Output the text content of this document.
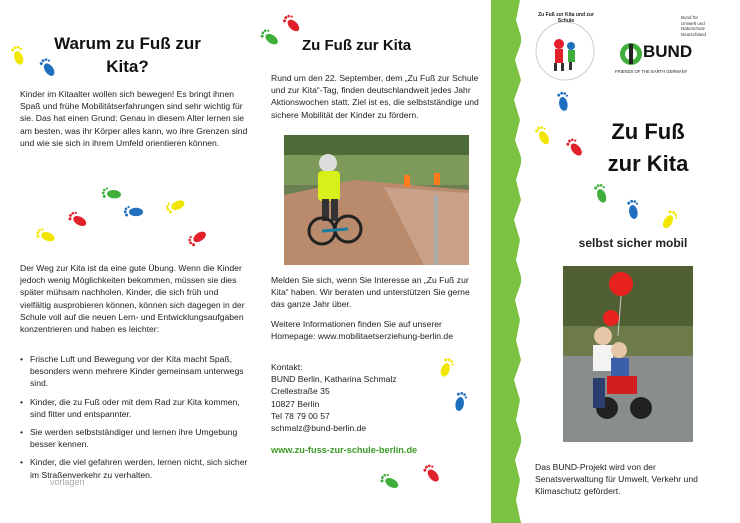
Warum zu Fuß zur
Kita?

Kinder im Kitaalter wollen sich bewegen! Es bringt ihnen Spaß und frühe Mobilitätserfahrungen sind sehr wichtig für sie. Das hat einen Grund: Genau in diesem Alter lernen sie am besten, was ihr Körper alles kann, wo ihre Grenzen sind und wie sie sich in ihrem Umfeld orientieren können.

Der Weg zur Kita ist da eine gute Übung. Wenn die Kinder jedoch wenig Möglichkeiten bekommen, müssen sie dies später mühsam nachholen. Kinder, die sich früh und vielfältig ausprobieren können, können sich dagegen in der Schule voll auf die neuen Lern- und Entwicklungsaufgaben konzentrieren und haben es leichter:

• Frische Luft und Bewegung vor der Kita macht Spaß, besonders wenn mehrere Kinder gemeinsam unterwegs sind.
• Kinder, die zu Fuß oder mit dem Rad zur Kita kommen, sind fitter und entspannter.
• Sie werden selbstständiger und lernen ihre Umgebung besser kennen.
• Kinder, die viel gefahren werden, lernen nicht, sich sicher im Straßenverkehr zu verhalten.
vorlagen
Zu Fuß zur Kita

Rund um den 22. September, dem „Zu Fuß zur Schule und zur Kita“-Tag, finden deutschlandweit jedes Jahr Aktionswochen statt. Ziel ist es, die selbstständige und sichere Mobilität der Kinder zu fördern.

Melden Sie sich, wenn Sie Interesse an „Zu Fuß zur Kita“ haben. Wir beraten und unterstützen Sie gerne das ganze Jahr über.

Weitere Informationen finden Sie auf unserer Homepage: www.mobilitaetserziehung-berlin.de

Kontakt:
BUND Berlin, Katharina Schmalz
Crellestraße 35
10827 Berlin
Tel 78 79 00 57
schmalz@bund-berlin.de
www.zu-fuss-zur-schule-berlin.de
Zu Fuß zur Kita und zur Schule
Bund für
Umwelt und
Naturschutz
Deutschland
BUND
FRIENDS OF THE EARTH GERMANY
Zu Fuß
zur Kita
selbst sicher mobil

Das BUND-Projekt wird von der Senatsverwaltung für Umwelt, Verkehr und Klimaschutz gefördert.
